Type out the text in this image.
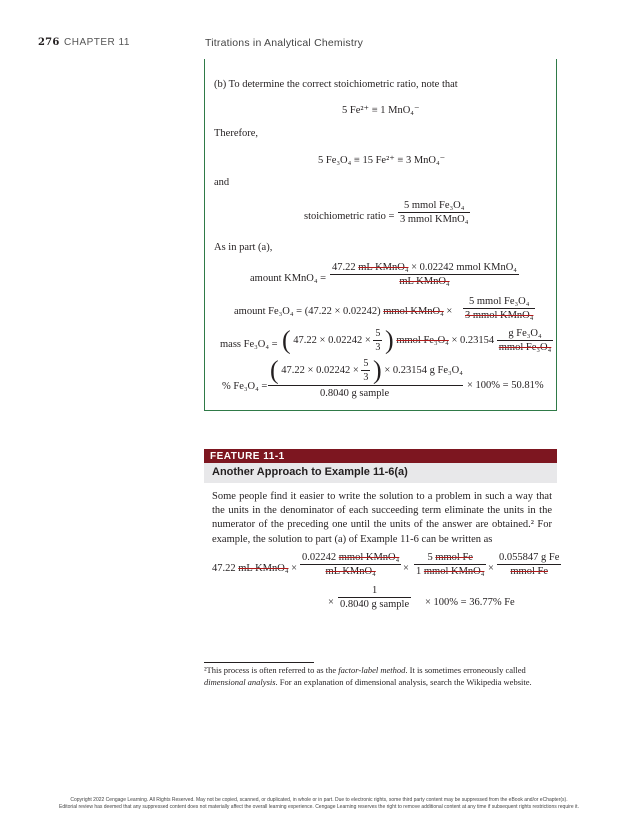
276 CHAPTER 11	Titrations in Analytical Chemistry
(b) To determine the correct stoichiometric ratio, note that
5 Fe²⁺ ≡ 1 MnO₄⁻
Therefore,
5 Fe₃O₄ ≡ 15 Fe²⁺ ≡ 3 MnO₄⁻
and
stoichiometric ratio = $\frac{\text{5 mmol Fe₃O₄}}{\text{3 mmol KMnO₄}}$
As in part (a),
amount KMnO₄ = $\frac{\text{47.22 mL KMnO₄ × 0.02242 mmol KMnO₄}}{\text{mL KMnO₄}}$
amount Fe₃O₄ = (47.22 × 0.02242) mmol KMnO₄ × $\frac{\text{5 mmol Fe₃O₄}}{\text{3 mmol KMnO₄}}$
mass Fe₃O₄ = ( $47.22 \times 0.02242 \times \frac{5}{3}$ ) mmol $Fe_3O_4 \times 0.23154 \frac{\text{g Fe₃O₄}}{\text{mmol Fe₃O₄}}$
% Fe₃O₄ =
( $47.22 \times 0.02242 \times \frac{5}{3}$ ) × 0.23154 g Fe₃O₄
0.8040 g sample
× 100% = 50.81%
FEATURE 11-1
Another Approach to Example 11-6(a)
Some people find it easier to write the solution to a problem in such a way that the units in the denominator of each succeeding term eliminate the units in the numerator of the preceding one until the units of the answer are obtained.² For example, the solution to part (a) of Example 11-6 can be written as
47.22 mL KMnO₄ × $\frac{\text{0.02242 mmol KMnO₄}}{\text{mL KMnO₄}} \times \frac{\text{5 mmol Fe}}{\text{1 mmol KMnO₄}} \times \frac{\text{0.055847 g Fe}}{\text{mmol Fe}}$
× $\frac{1}{\text{0.8040 g sample}} \times 100\% = 36.77\%$ Fe
²This process is often referred to as the factor-label method. It is sometimes erroneously called dimensional analysis. For an explanation of dimensional analysis, search the Wikipedia website.
Copyright 2022 Cengage Learning. All Rights Reserved. May not be copied, scanned, or duplicated, in whole or in part. Due to electronic rights, some third party content may be suppressed from the eBook and/or eChapter(s).
Editorial review has deemed that any suppressed content does not materially affect the overall learning experience. Cengage Learning reserves the right to remove additional content at any time if subsequent rights restrictions require it.
